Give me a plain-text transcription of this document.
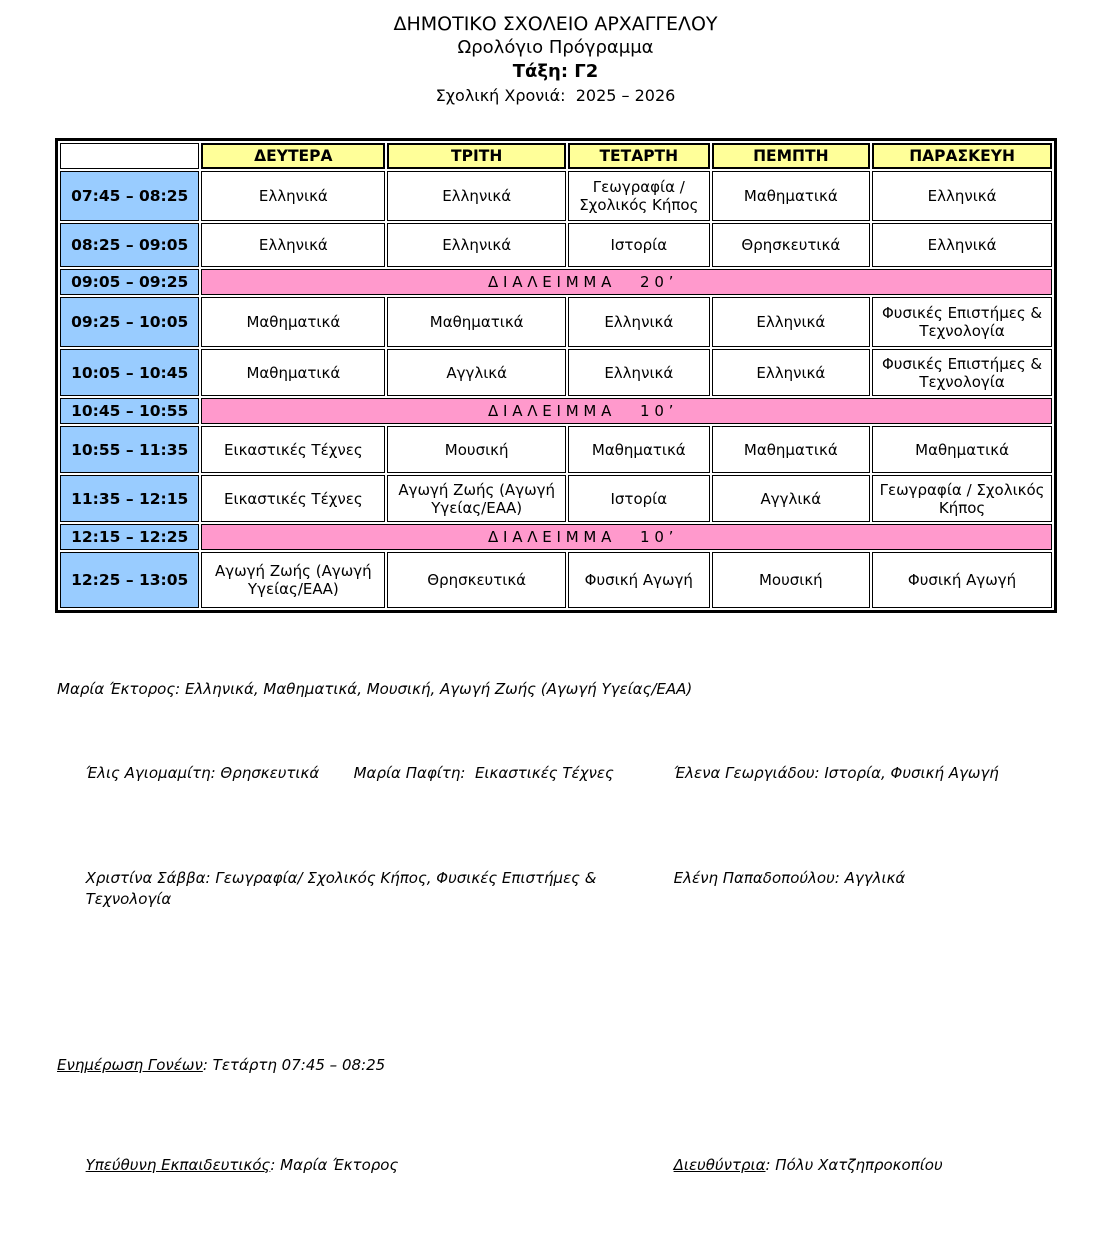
ΔΗΜΟΤΙΚΟ ΣΧΟΛΕΙΟ ΑΡΧΑΓΓΕΛΟΥ
Ωρολόγιο Πρόγραμμα
Τάξη: Γ2
Σχολική Χρονιά:  2025 – 2026
	ΔΕΥΤΕΡΑ	ΤΡΙΤΗ	ΤΕΤΑΡΤΗ	ΠΕΜΠΤΗ	ΠΑΡΑΣΚΕΥΗ
07:45 – 08:25	Ελληνικά	Ελληνικά	Γεωγραφία / Σχολικός Κήπος	Μαθηματικά	Ελληνικά
08:25 – 09:05	Ελληνικά	Ελληνικά	Ιστορία	Θρησκευτικά	Ελληνικά
09:05 – 09:25	Δ Ι Α Λ Ε Ι Μ Μ Α      2 0 ’				
09:25 – 10:05	Μαθηματικά	Μαθηματικά	Ελληνικά	Ελληνικά	Φυσικές Επιστήμες & Τεχνολογία
10:05 – 10:45	Μαθηματικά	Αγγλικά	Ελληνικά	Ελληνικά	Φυσικές Επιστήμες & Τεχνολογία
10:45 – 10:55	Δ Ι Α Λ Ε Ι Μ Μ Α      1 0 ’				
10:55 – 11:35	Εικαστικές Τέχνες	Μουσική	Μαθηματικά	Μαθηματικά	Μαθηματικά
11:35 – 12:15	Εικαστικές Τέχνες	Αγωγή Ζωής (Αγωγή Υγείας/ΕΑΑ)	Ιστορία	Αγγλικά	Γεωγραφία / Σχολικός Κήπος
12:15 – 12:25	Δ Ι Α Λ Ε Ι Μ Μ Α      1 0 ’				
12:25 – 13:05	Αγωγή Ζωής (Αγωγή Υγείας/ΕΑΑ)	Θρησκευτικά	Φυσική Αγωγή	Μουσική	Φυσική Αγωγή

Μαρία Έκτορος: Ελληνικά, Μαθηματικά, Μουσική, Αγωγή Ζωής (Αγωγή Υγείας/ΕΑΑ)

Έλις Αγιομαμίτη: Θρησκευτικά Μαρία Παφίτη:  Εικαστικές Τέχνες	Έλενα Γεωργιάδου: Ιστορία, Φυσική Αγωγή

Χριστίνα Σάββα: Γεωγραφία/ Σχολικός Κήπος, Φυσικές Επιστήμες & ΤεχνολογίαΕλένη Παπαδοπούλου: Αγγλικά

Ενημέρωση Γονέων: Τετάρτη 07:45 – 08:25

Υπεύθυνη Εκπαιδευτικός: Μαρία Έκτορος	Διευθύντρια: Πόλυ Χατζηπροκοπίου
